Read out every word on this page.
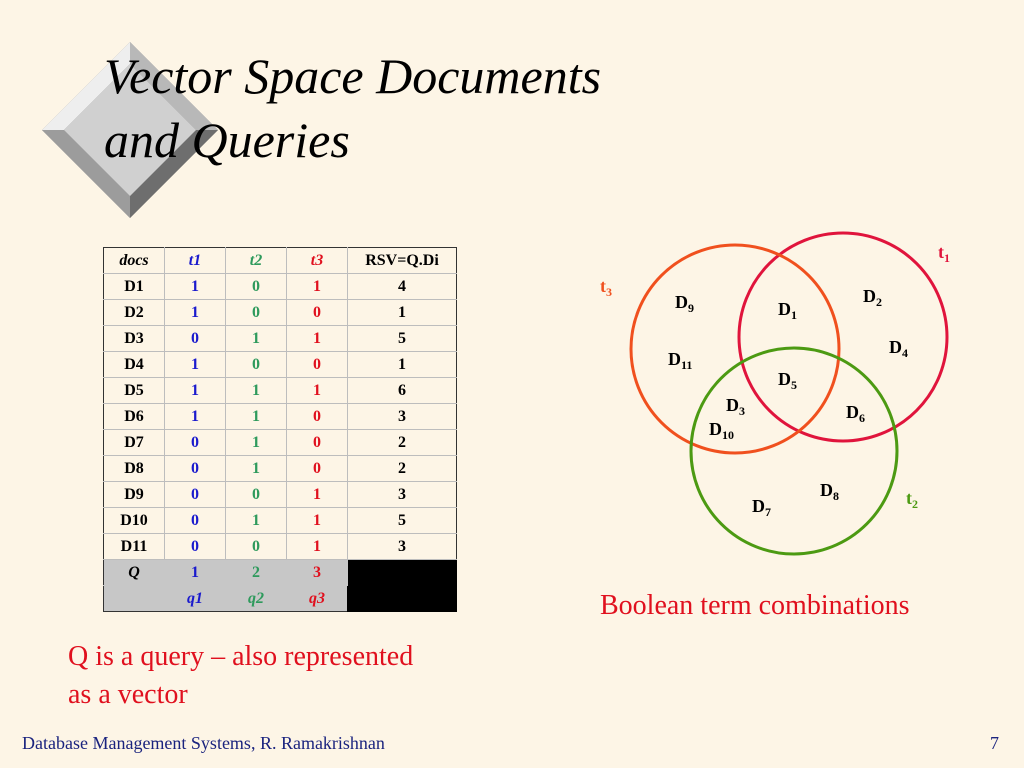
Vector Space Documents
and Queries
docs	t1	t2	t3	RSV=Q.Di
D1	1	0	1	4
D2	1	0	0	1
D3	0	1	1	5
D4	1	0	0	1
D5	1	1	1	6
D6	1	1	0	3
D7	0	1	0	2
D8	0	1	0	2
D9	0	0	1	3
D10	0	1	1	5
D11	0	0	1	3
Q	1	2	3	
	q1	q2	q3	
$t_1$
$t_3$
$t_2$
$D_1$
$D_2$
$D_3$
$D_4$
$D_5$
$D_6$
$D_7$
$D_8$
$D_9$
$D_{10}$
$D_{11}$
Boolean term combinations
Q is a query – also represented
as a vector
Database Management Systems, R. Ramakrishnan	7
